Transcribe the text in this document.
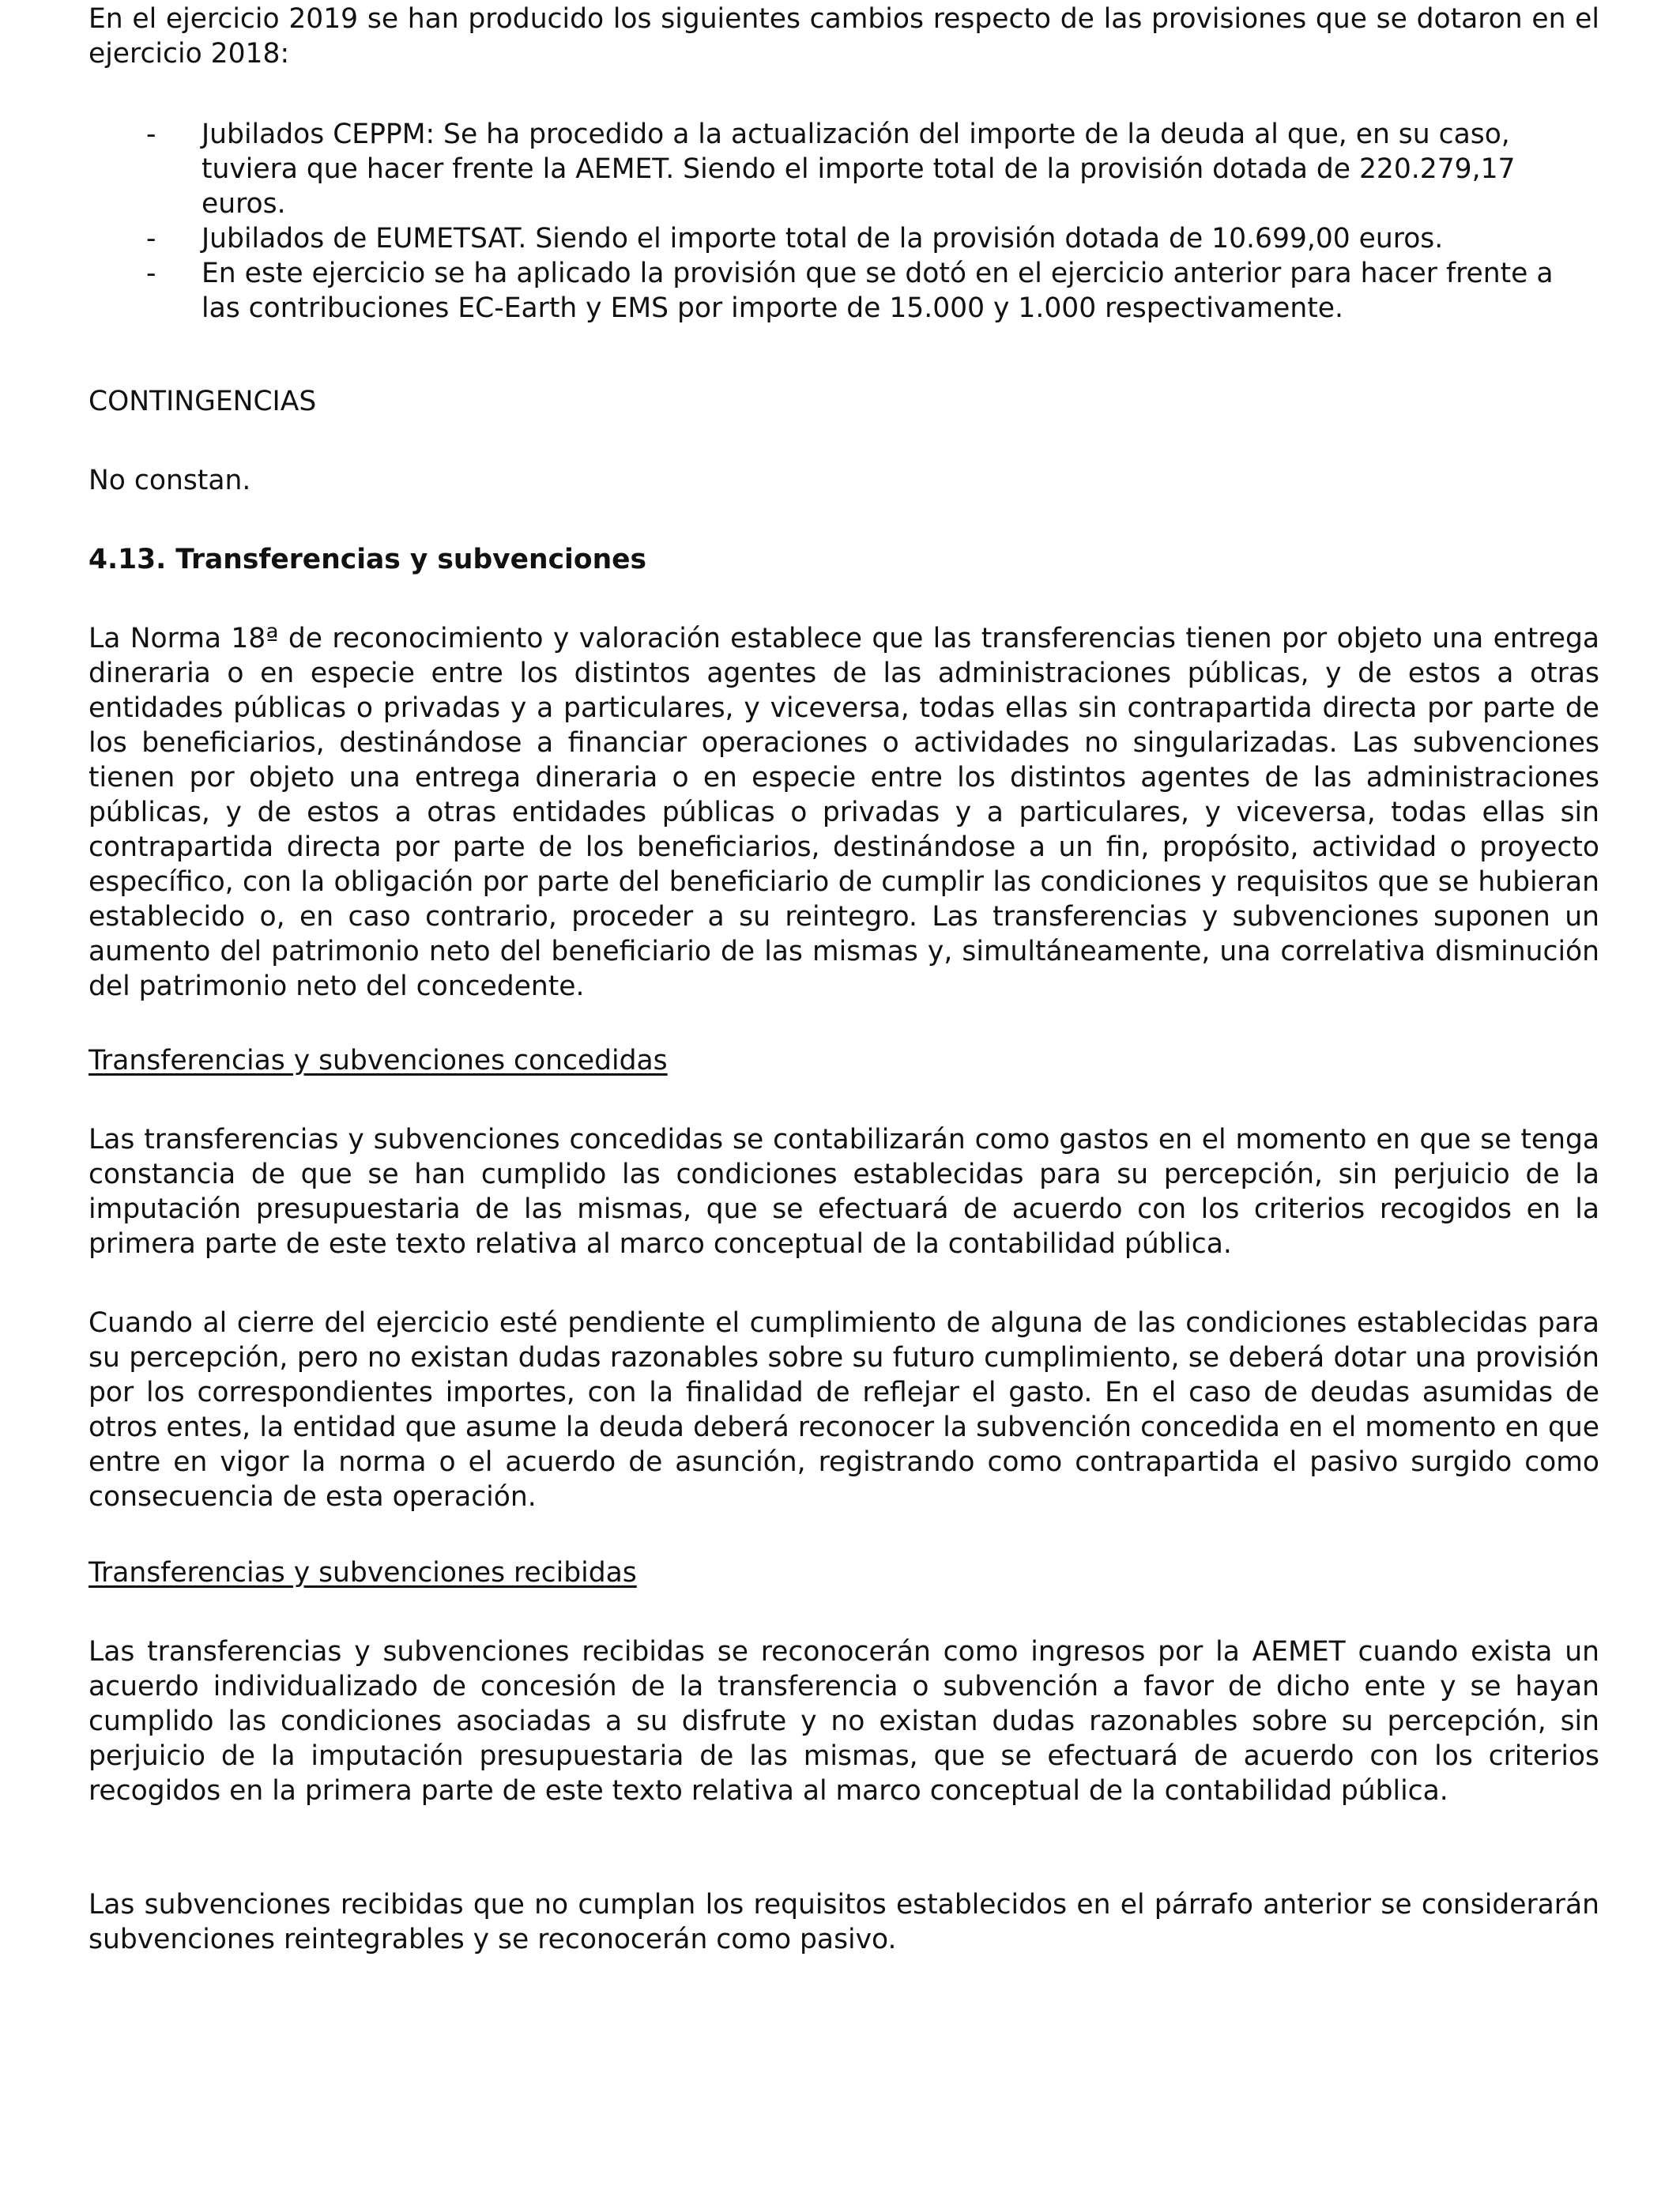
En el ejercicio 2019 se han producido los siguientes cambios respecto de las provisiones que se dotaron en el ejercicio 2018:

- Jubilados CEPPM: Se ha procedido a la actualización del importe de la deuda al que, en su caso, tuviera que hacer frente la AEMET. Siendo el importe total de la provisión dotada de 220.279,17 euros.
- Jubilados de EUMETSAT. Siendo el importe total de la provisión dotada de 10.699,00 euros.
- En este ejercicio se ha aplicado la provisión que se dotó en el ejercicio anterior para hacer frente a las contribuciones EC-Earth y EMS por importe de 15.000 y 1.000 respectivamente.

CONTINGENCIAS

No constan.

4.13. Transferencias y subvenciones

La Norma 18ª de reconocimiento y valoración establece que las transferencias tienen por objeto una entrega dineraria o en especie entre los distintos agentes de las administraciones públicas, y de estos a otras entidades públicas o privadas y a particulares, y viceversa, todas ellas sin contrapartida directa por parte de los beneficiarios, destinándose a financiar operaciones o actividades no singularizadas. Las subvenciones tienen por objeto una entrega dineraria o en especie entre los distintos agentes de las administraciones públicas, y de estos a otras entidades públicas o privadas y a particulares, y viceversa, todas ellas sin contrapartida directa por parte de los beneficiarios, destinándose a un fin, propósito, actividad o proyecto específico, con la obligación por parte del beneficiario de cumplir las condiciones y requisitos que se hubieran establecido o, en caso contrario, proceder a su reintegro. Las transferencias y subvenciones suponen un aumento del patrimonio neto del beneficiario de las mismas y, simultáneamente, una correlativa disminución del patrimonio neto del concedente.

Transferencias y subvenciones concedidas

Las transferencias y subvenciones concedidas se contabilizarán como gastos en el momento en que se tenga constancia de que se han cumplido las condiciones establecidas para su percepción, sin perjuicio de la imputación presupuestaria de las mismas, que se efectuará de acuerdo con los criterios recogidos en la primera parte de este texto relativa al marco conceptual de la contabilidad pública.

Cuando al cierre del ejercicio esté pendiente el cumplimiento de alguna de las condiciones establecidas para su percepción, pero no existan dudas razonables sobre su futuro cumplimiento, se deberá dotar una provisión por los correspondientes importes, con la finalidad de reflejar el gasto. En el caso de deudas asumidas de otros entes, la entidad que asume la deuda deberá reconocer la subvención concedida en el momento en que entre en vigor la norma o el acuerdo de asunción, registrando como contrapartida el pasivo surgido como consecuencia de esta operación.

Transferencias y subvenciones recibidas

Las transferencias y subvenciones recibidas se reconocerán como ingresos por la AEMET cuando exista un acuerdo individualizado de concesión de la transferencia o subvención a favor de dicho ente y se hayan cumplido las condiciones asociadas a su disfrute y no existan dudas razonables sobre su percepción, sin perjuicio de la imputación presupuestaria de las mismas, que se efectuará de acuerdo con los criterios recogidos en la primera parte de este texto relativa al marco conceptual de la contabilidad pública.

Las subvenciones recibidas que no cumplan los requisitos establecidos en el párrafo anterior se considerarán subvenciones reintegrables y se reconocerán como pasivo.
